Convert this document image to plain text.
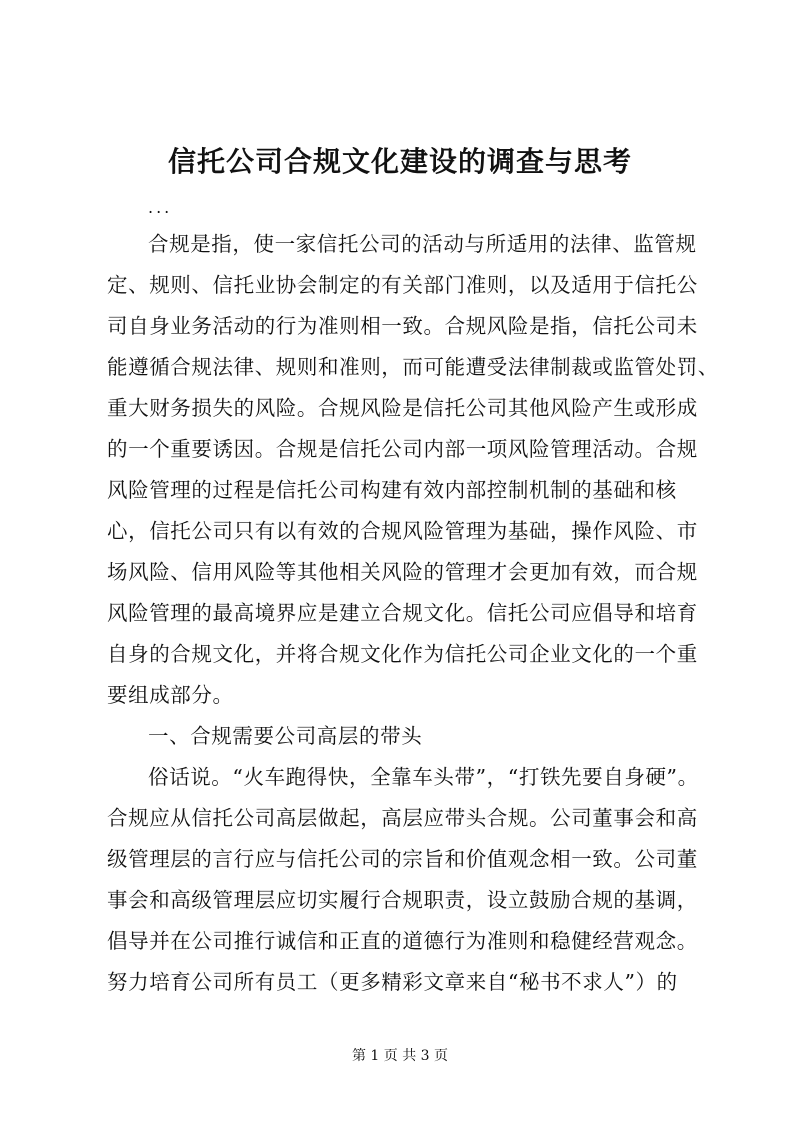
信托公司合规文化建设的调查与思考
...
合规是指，使一家信托公司的活动与所适用的法律、监管规
定、规则、信托业协会制定的有关部门准则，以及适用于信托公
司自身业务活动的行为准则相一致。合规风险是指，信托公司未
能遵循合规法律、规则和准则，而可能遭受法律制裁或监管处罚、
重大财务损失的风险。合规风险是信托公司其他风险产生或形成
的一个重要诱因。合规是信托公司内部一项风险管理活动。合规
风险管理的过程是信托公司构建有效内部控制机制的基础和核
心，信托公司只有以有效的合规风险管理为基础，操作风险、市
场风险、信用风险等其他相关风险的管理才会更加有效，而合规
风险管理的最高境界应是建立合规文化。信托公司应倡导和培育
自身的合规文化，并将合规文化作为信托公司企业文化的一个重
要组成部分。
一、合规需要公司高层的带头
俗话说。“火车跑得快，全靠车头带”，“打铁先要自身硬”。
合规应从信托公司高层做起，高层应带头合规。公司董事会和高
级管理层的言行应与信托公司的宗旨和价值观念相一致。公司董
事会和高级管理层应切实履行合规职责，设立鼓励合规的基调，
倡导并在公司推行诚信和正直的道德行为准则和稳健经营观念。
努力培育公司所有员工（更多精彩文章来自“秘书不求人”）的
第 1 页 共 3 页
